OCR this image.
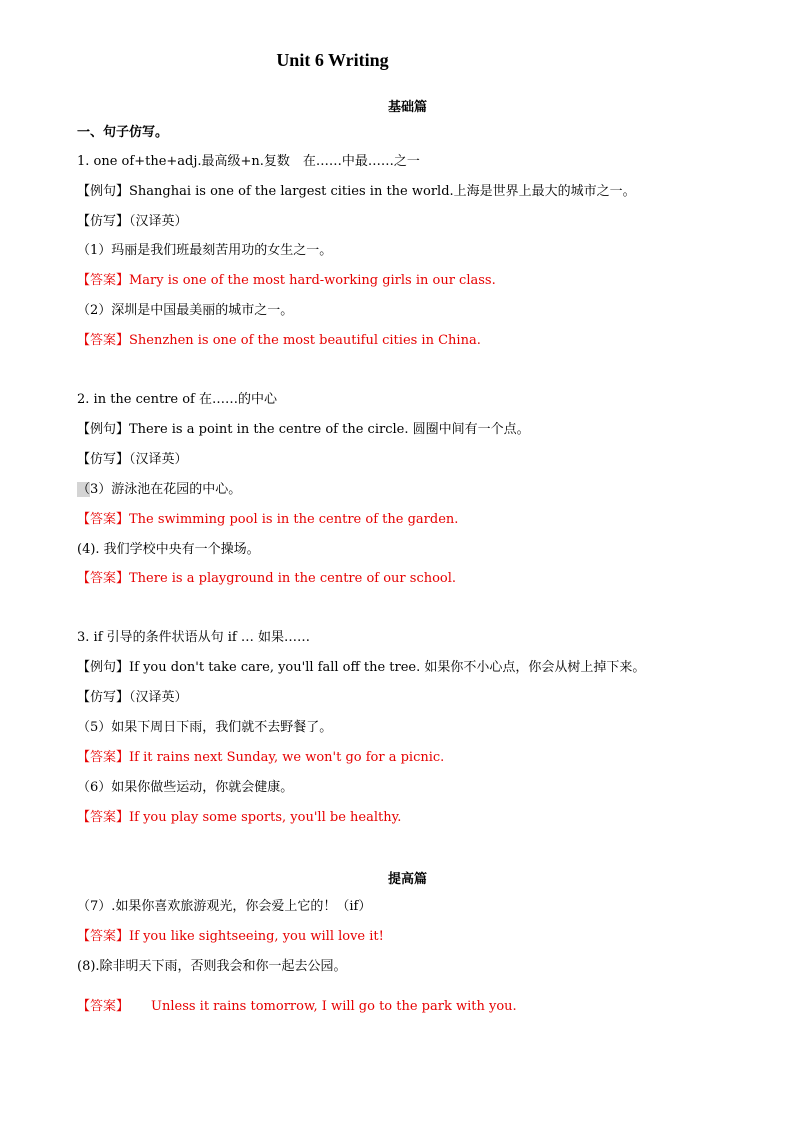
Unit 6 Writing
基础篇
一、句子仿写。
1. one of+the+adj.最高级+n.复数　在……中最……之一
【例句】Shanghai is one of the largest cities in the world.上海是世界上最大的城市之一。
【仿写】（汉译英）
（1）玛丽是我们班最刻苦用功的女生之一。
【答案】Mary is one of the most hard-working girls in our class.
（2）深圳是中国最美丽的城市之一。
【答案】Shenzhen is one of the most beautiful cities in China.
2. in the centre of 在……的中心
【例句】There is a point in the centre of the circle. 圆圈中间有一个点。
【仿写】（汉译英）
（3）游泳池在花园的中心。
【答案】The swimming pool is in the centre of the garden.
(4). 我们学校中央有一个操场。
【答案】There is a playground in the centre of our school.
3. if 引导的条件状语从句 if … 如果……
【例句】If you don't take care, you'll fall off the tree. 如果你不小心点，你会从树上掉下来。
【仿写】（汉译英）
（5）如果下周日下雨，我们就不去野餐了。
【答案】If it rains next Sunday, we won't go for a picnic.
（6）如果你做些运动，你就会健康。
【答案】If you play some sports, you'll be healthy.
提高篇
（7）.如果你喜欢旅游观光，你会爱上它的！（if）
【答案】If you like sightseeing, you will love it!
(8).除非明天下雨，否则我会和你一起去公园。
【答案】 Unless it rains tomorrow, I will go to the park with you.
